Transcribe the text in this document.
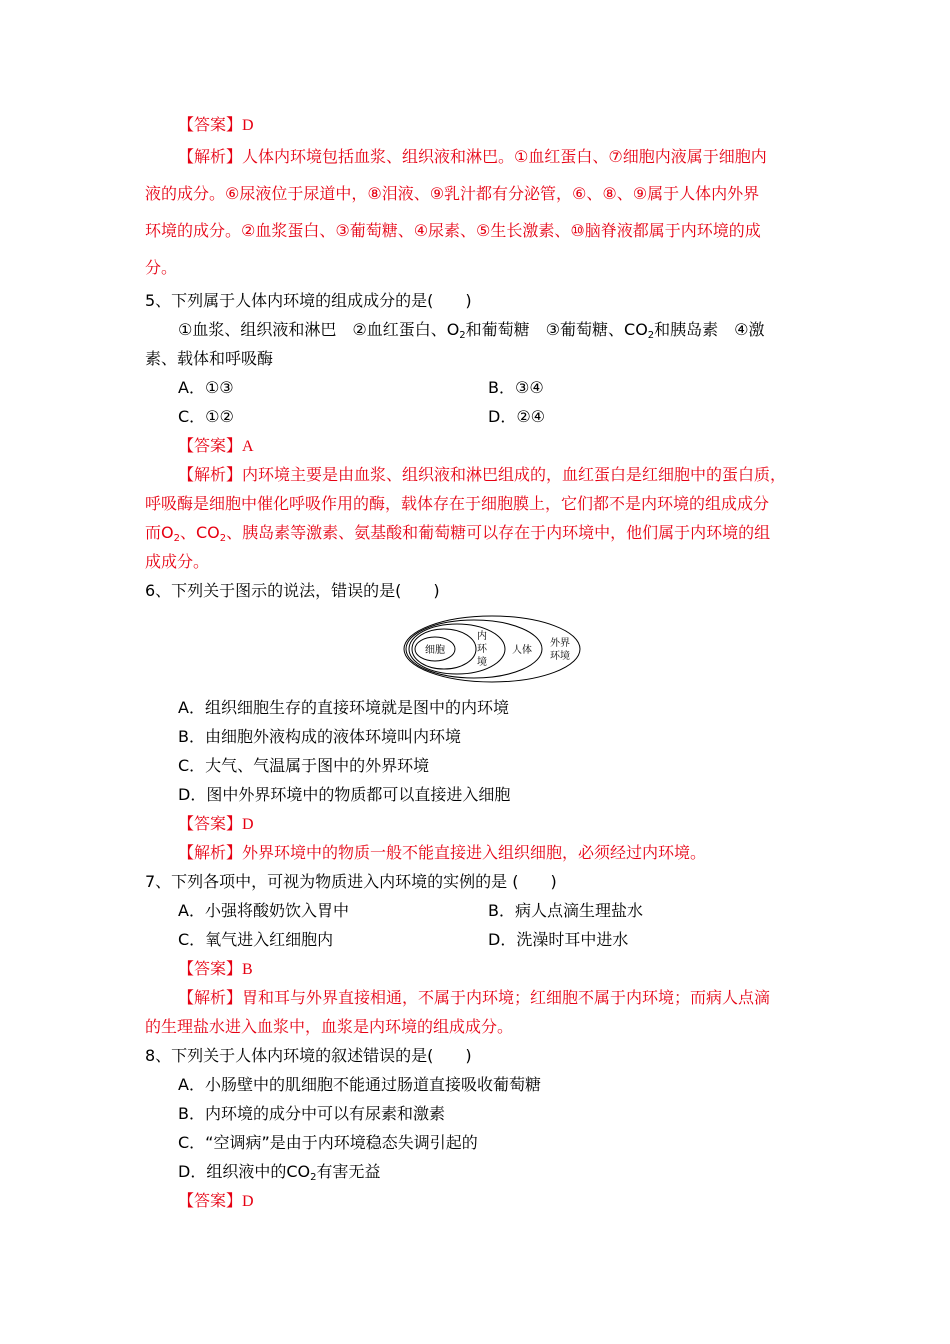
【答案】D
【解析】人体内环境包括血浆、组织液和淋巴。①血红蛋白、⑦细胞内液属于细胞内
液的成分。⑥尿液位于尿道中，⑧泪液、⑨乳汁都有分泌管，⑥、⑧、⑨属于人体内外界
环境的成分。②血浆蛋白、③葡萄糖、④尿素、⑤生长激素、⑩脑脊液都属于内环境的成
分。
5、下列属于人体内环境的组成成分的是(　　)
①血浆、组织液和淋巴　②血红蛋白、$O_2$和葡萄糖　③葡萄糖、$CO_2$和胰岛素　④激
素、载体和呼吸酶
A．①③	B．③④
C．①②	D．②④
【答案】A
【解析】内环境主要是由血浆、组织液和淋巴组成的，血红蛋白是红细胞中的蛋白质，
呼吸酶是细胞中催化呼吸作用的酶，载体存在于细胞膜上，它们都不是内环境的组成成分
而$O_2$、$CO_2$、胰岛素等激素、氨基酸和葡萄糖可以存在于内环境中，他们属于内环境的组
成成分。
6、下列关于图示的说法，错误的是(　　)
细胞
内
环
境
人体
外界
环境
A．组织细胞生存的直接环境就是图中的内环境
B．由细胞外液构成的液体环境叫内环境
C．大气、气温属于图中的外界环境
D．图中外界环境中的物质都可以直接进入细胞
【答案】D
【解析】外界环境中的物质一般不能直接进入组织细胞，必须经过内环境。
7、下列各项中，可视为物质进入内环境的实例的是 (　　)
A．小强将酸奶饮入胃中	B．病人点滴生理盐水
C．氧气进入红细胞内	D．洗澡时耳中进水
【答案】B
【解析】胃和耳与外界直接相通，不属于内环境；红细胞不属于内环境；而病人点滴
的生理盐水进入血浆中，血浆是内环境的组成成分。
8、下列关于人体内环境的叙述错误的是(　　)
A．小肠壁中的肌细胞不能通过肠道直接吸收葡萄糖
B．内环境的成分中可以有尿素和激素
C．“空调病”是由于内环境稳态失调引起的
D．组织液中的$CO_2$有害无益
【答案】D
